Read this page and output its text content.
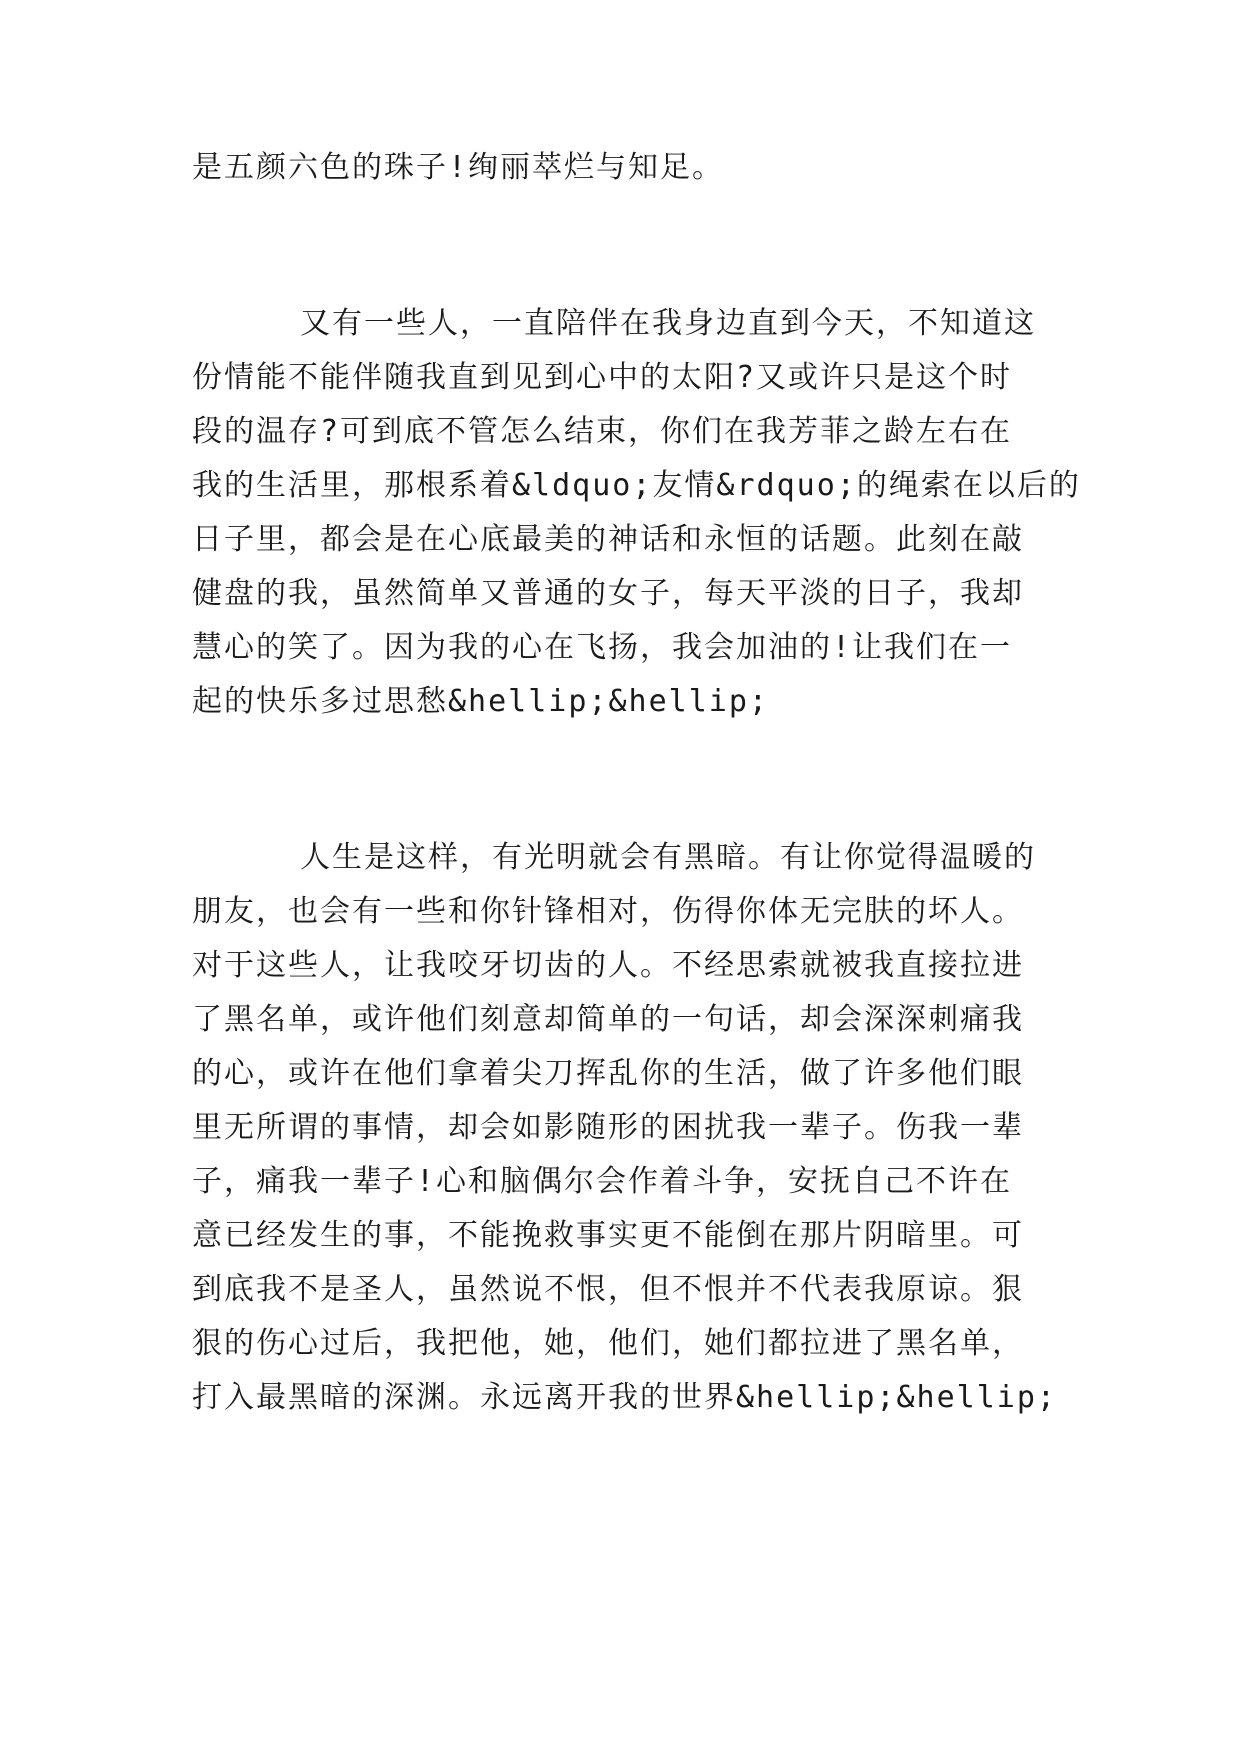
是五颜六色的珠子!绚丽萃烂与知足。
又有一些人，一直陪伴在我身边直到今天，不知道这
份情能不能伴随我直到见到心中的太阳?又或许只是这个时
段的温存?可到底不管怎么结束，你们在我芳菲之龄左右在
我的生活里，那根系着&ldquo;友情&rdquo;的绳索在以后的
日子里，都会是在心底最美的神话和永恒的话题。此刻在敲
健盘的我，虽然简单又普通的女子，每天平淡的日子，我却
慧心的笑了。因为我的心在飞扬，我会加油的!让我们在一
起的快乐多过思愁&hellip;&hellip;
人生是这样，有光明就会有黑暗。有让你觉得温暖的
朋友，也会有一些和你针锋相对，伤得你体无完肤的坏人。
对于这些人，让我咬牙切齿的人。不经思索就被我直接拉进
了黑名单，或许他们刻意却简单的一句话，却会深深刺痛我
的心，或许在他们拿着尖刀挥乱你的生活，做了许多他们眼
里无所谓的事情，却会如影随形的困扰我一辈子。伤我一辈
子，痛我一辈子!心和脑偶尔会作着斗争，安抚自己不许在
意已经发生的事，不能挽救事实更不能倒在那片阴暗里。可
到底我不是圣人，虽然说不恨，但不恨并不代表我原谅。狠
狠的伤心过后，我把他，她，他们，她们都拉进了黑名单，
打入最黑暗的深渊。永远离开我的世界&hellip;&hellip;
